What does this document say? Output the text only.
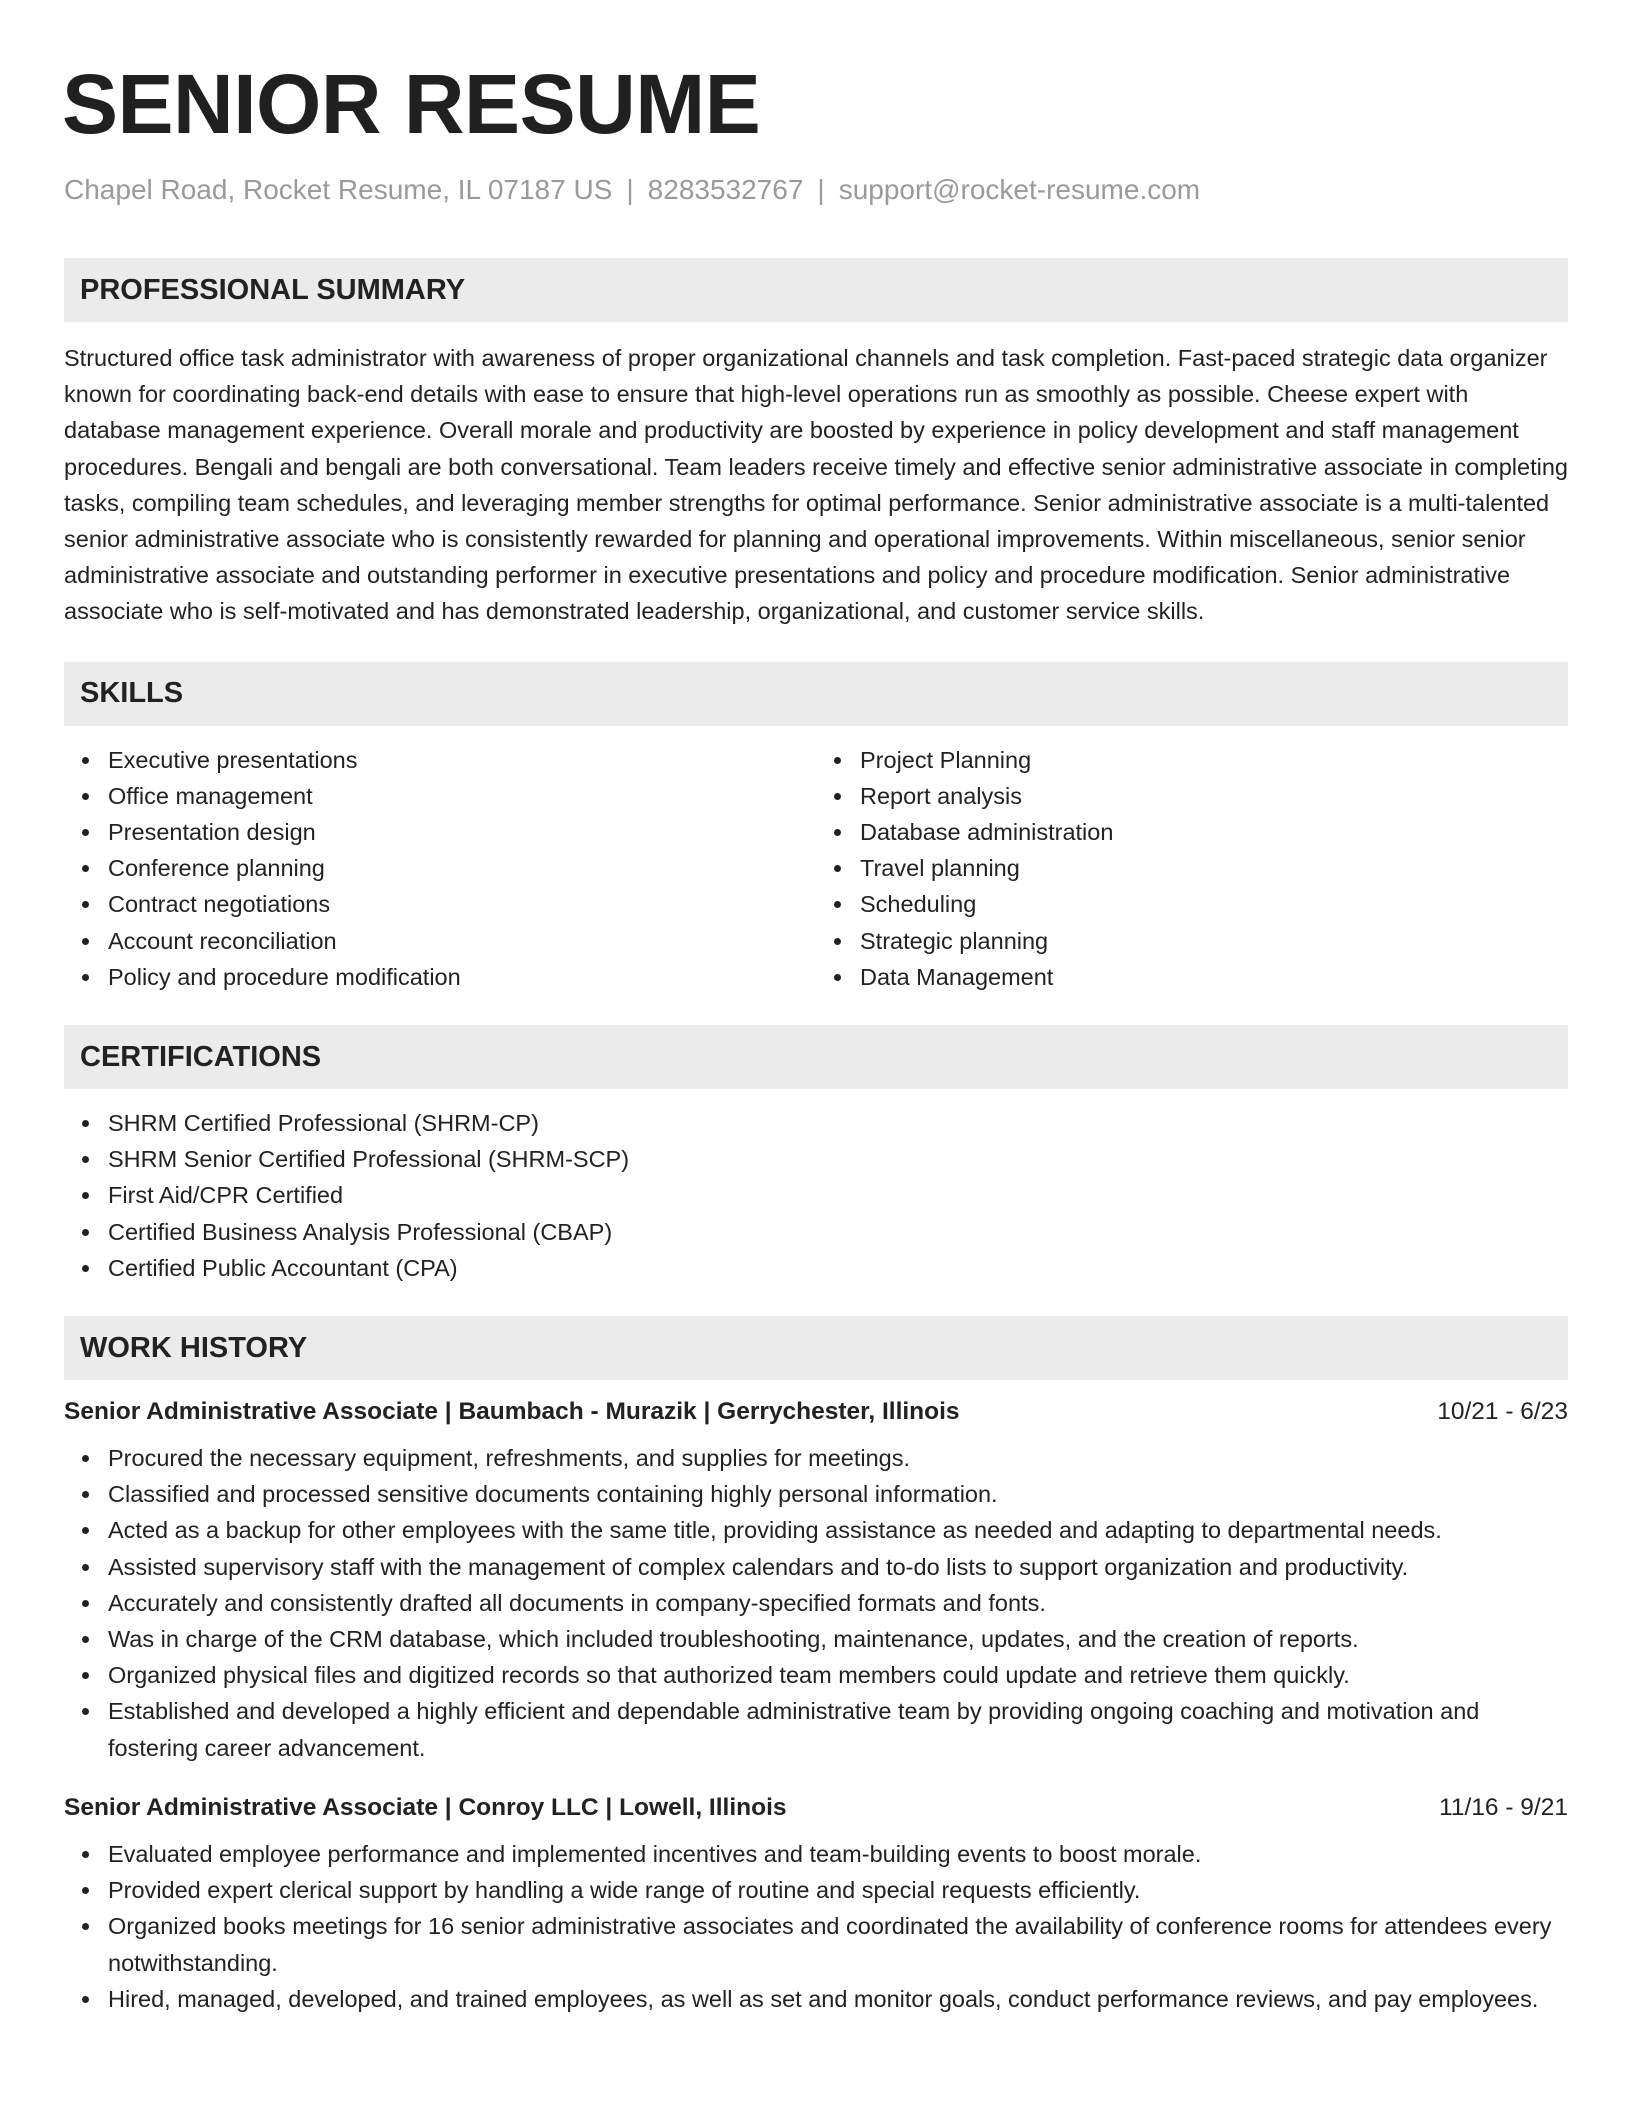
SENIOR RESUME
Chapel Road, Rocket Resume, IL 07187 US | 8283532767 | support@rocket-resume.com
PROFESSIONAL SUMMARY
Structured office task administrator with awareness of proper organizational channels and task completion. Fast-paced strategic data organizer known for coordinating back-end details with ease to ensure that high-level operations run as smoothly as possible. Cheese expert with database management experience. Overall morale and productivity are boosted by experience in policy development and staff management procedures. Bengali and bengali are both conversational. Team leaders receive timely and effective senior administrative associate in completing tasks, compiling team schedules, and leveraging member strengths for optimal performance. Senior administrative associate is a multi-talented senior administrative associate who is consistently rewarded for planning and operational improvements. Within miscellaneous, senior senior administrative associate and outstanding performer in executive presentations and policy and procedure modification. Senior administrative associate who is self-motivated and has demonstrated leadership, organizational, and customer service skills.
SKILLS
Executive presentations
Office management
Presentation design
Conference planning
Contract negotiations
Account reconciliation
Policy and procedure modification
Project Planning
Report analysis
Database administration
Travel planning
Scheduling
Strategic planning
Data Management
CERTIFICATIONS
SHRM Certified Professional (SHRM-CP)
SHRM Senior Certified Professional (SHRM-SCP)
First Aid/CPR Certified
Certified Business Analysis Professional (CBAP)
Certified Public Accountant (CPA)
WORK HISTORY
Senior Administrative Associate | Baumbach - Murazik | Gerrychester, Illinois	10/21 - 6/23
Procured the necessary equipment, refreshments, and supplies for meetings.
Classified and processed sensitive documents containing highly personal information.
Acted as a backup for other employees with the same title, providing assistance as needed and adapting to departmental needs.
Assisted supervisory staff with the management of complex calendars and to-do lists to support organization and productivity.
Accurately and consistently drafted all documents in company-specified formats and fonts.
Was in charge of the CRM database, which included troubleshooting, maintenance, updates, and the creation of reports.
Organized physical files and digitized records so that authorized team members could update and retrieve them quickly.
Established and developed a highly efficient and dependable administrative team by providing ongoing coaching and motivation and fostering career advancement.
Senior Administrative Associate | Conroy LLC | Lowell, Illinois	11/16 - 9/21
Evaluated employee performance and implemented incentives and team-building events to boost morale.
Provided expert clerical support by handling a wide range of routine and special requests efficiently.
Organized books meetings for 16 senior administrative associates and coordinated the availability of conference rooms for attendees every notwithstanding.
Hired, managed, developed, and trained employees, as well as set and monitor goals, conduct performance reviews, and pay employees.
